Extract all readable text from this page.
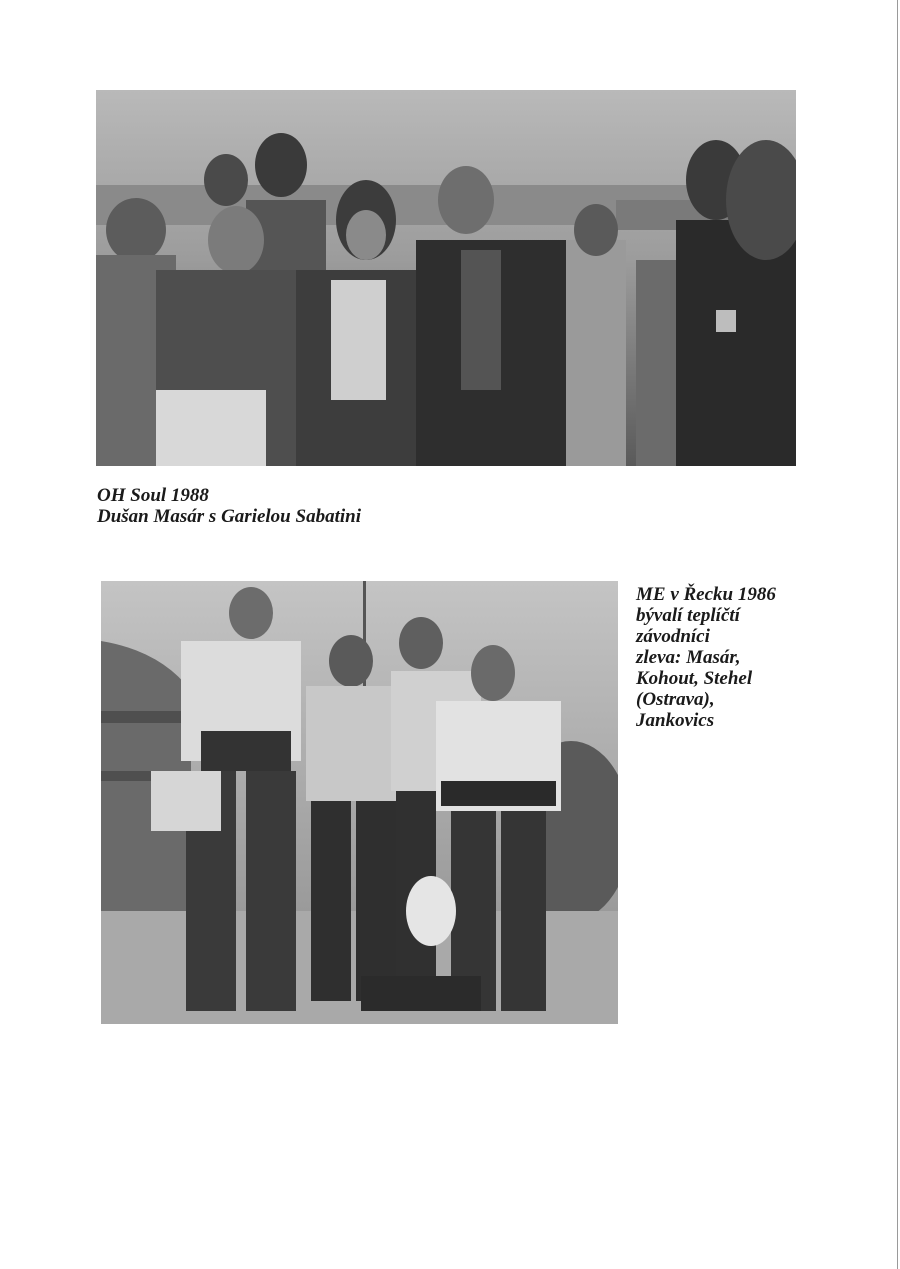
OH Soul 1988
Dušan Masár s Garielou Sabatini

ME v Řecku 1986
bývalí teplíčtí
závodníci
zleva: Masár,
Kohout, Stehel
(Ostrava),
Jankovics
